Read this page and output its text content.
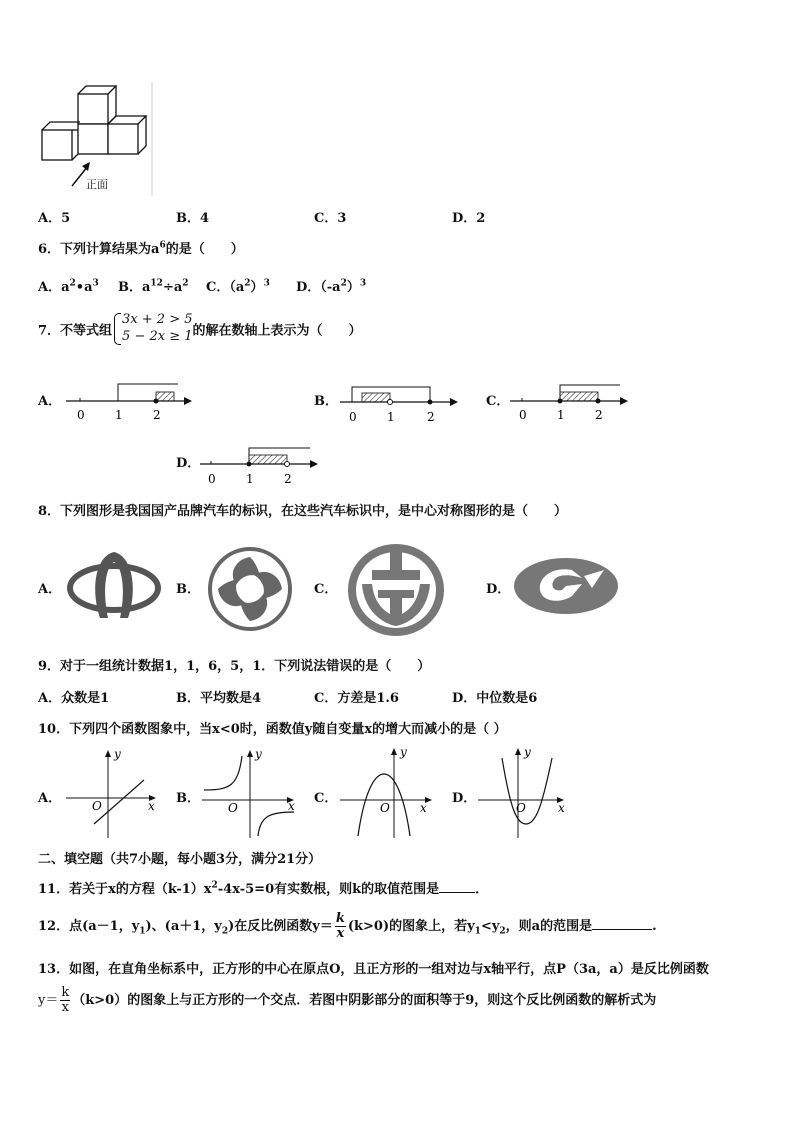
正面
A．5	B．4	C．3	D．2
6．下列计算结果为$a^6$的是（　　）
A．$a^2•a^3$ B．$a^{12}\div a^2$ C．$(a^2)^3$ D．$(-a^2)^3$
7．不等式组
3x + 2 > 5
5 − 2x ≥ 1 的解在数轴上表示为（　　）
A．
0	1	2
B．
0	1	2
C．
0	1	2
D．
0	1	2
8．下列图形是我国国产品牌汽车的标识，在这些汽车标识中，是中心对称图形的是（　　）
A．	B．	C．	D．
9．对于一组统计数据1，1，6，5，1．下列说法错误的是（　　）
A．众数是1	B．平均数是4	C．方差是1.6	D．中位数是6
10．下列四个函数图象中，当x<0时，函数值y随自变量x的增大而减小的是（ ）
A．
y
x
O	B．
y
x
O
C．
y
x
O
D．
y
x
O
二、填空题（共7小题，每小题3分，满分21分）
11．若关于x的方程$(k-1)x^2-4x-5=0$有实数根，则k的取值范围是	．
12．点(a－1，$y_1$)、(a＋1，$y_2$)在反比例函数$y= \frac{k}{x} (k>0)$的图象上，若$y_1<y_2$，则a的范围是	.
13．如图，在直角坐标系中，正方形的中心在原点O，且正方形的一组对边与x轴平行，点P（3a，a）是反比例函数
$y= \frac{k}{x} (k>0)$的图象上与正方形的一个交点．若图中阴影部分的面积等于9，则这个反比例函数的解析式为
